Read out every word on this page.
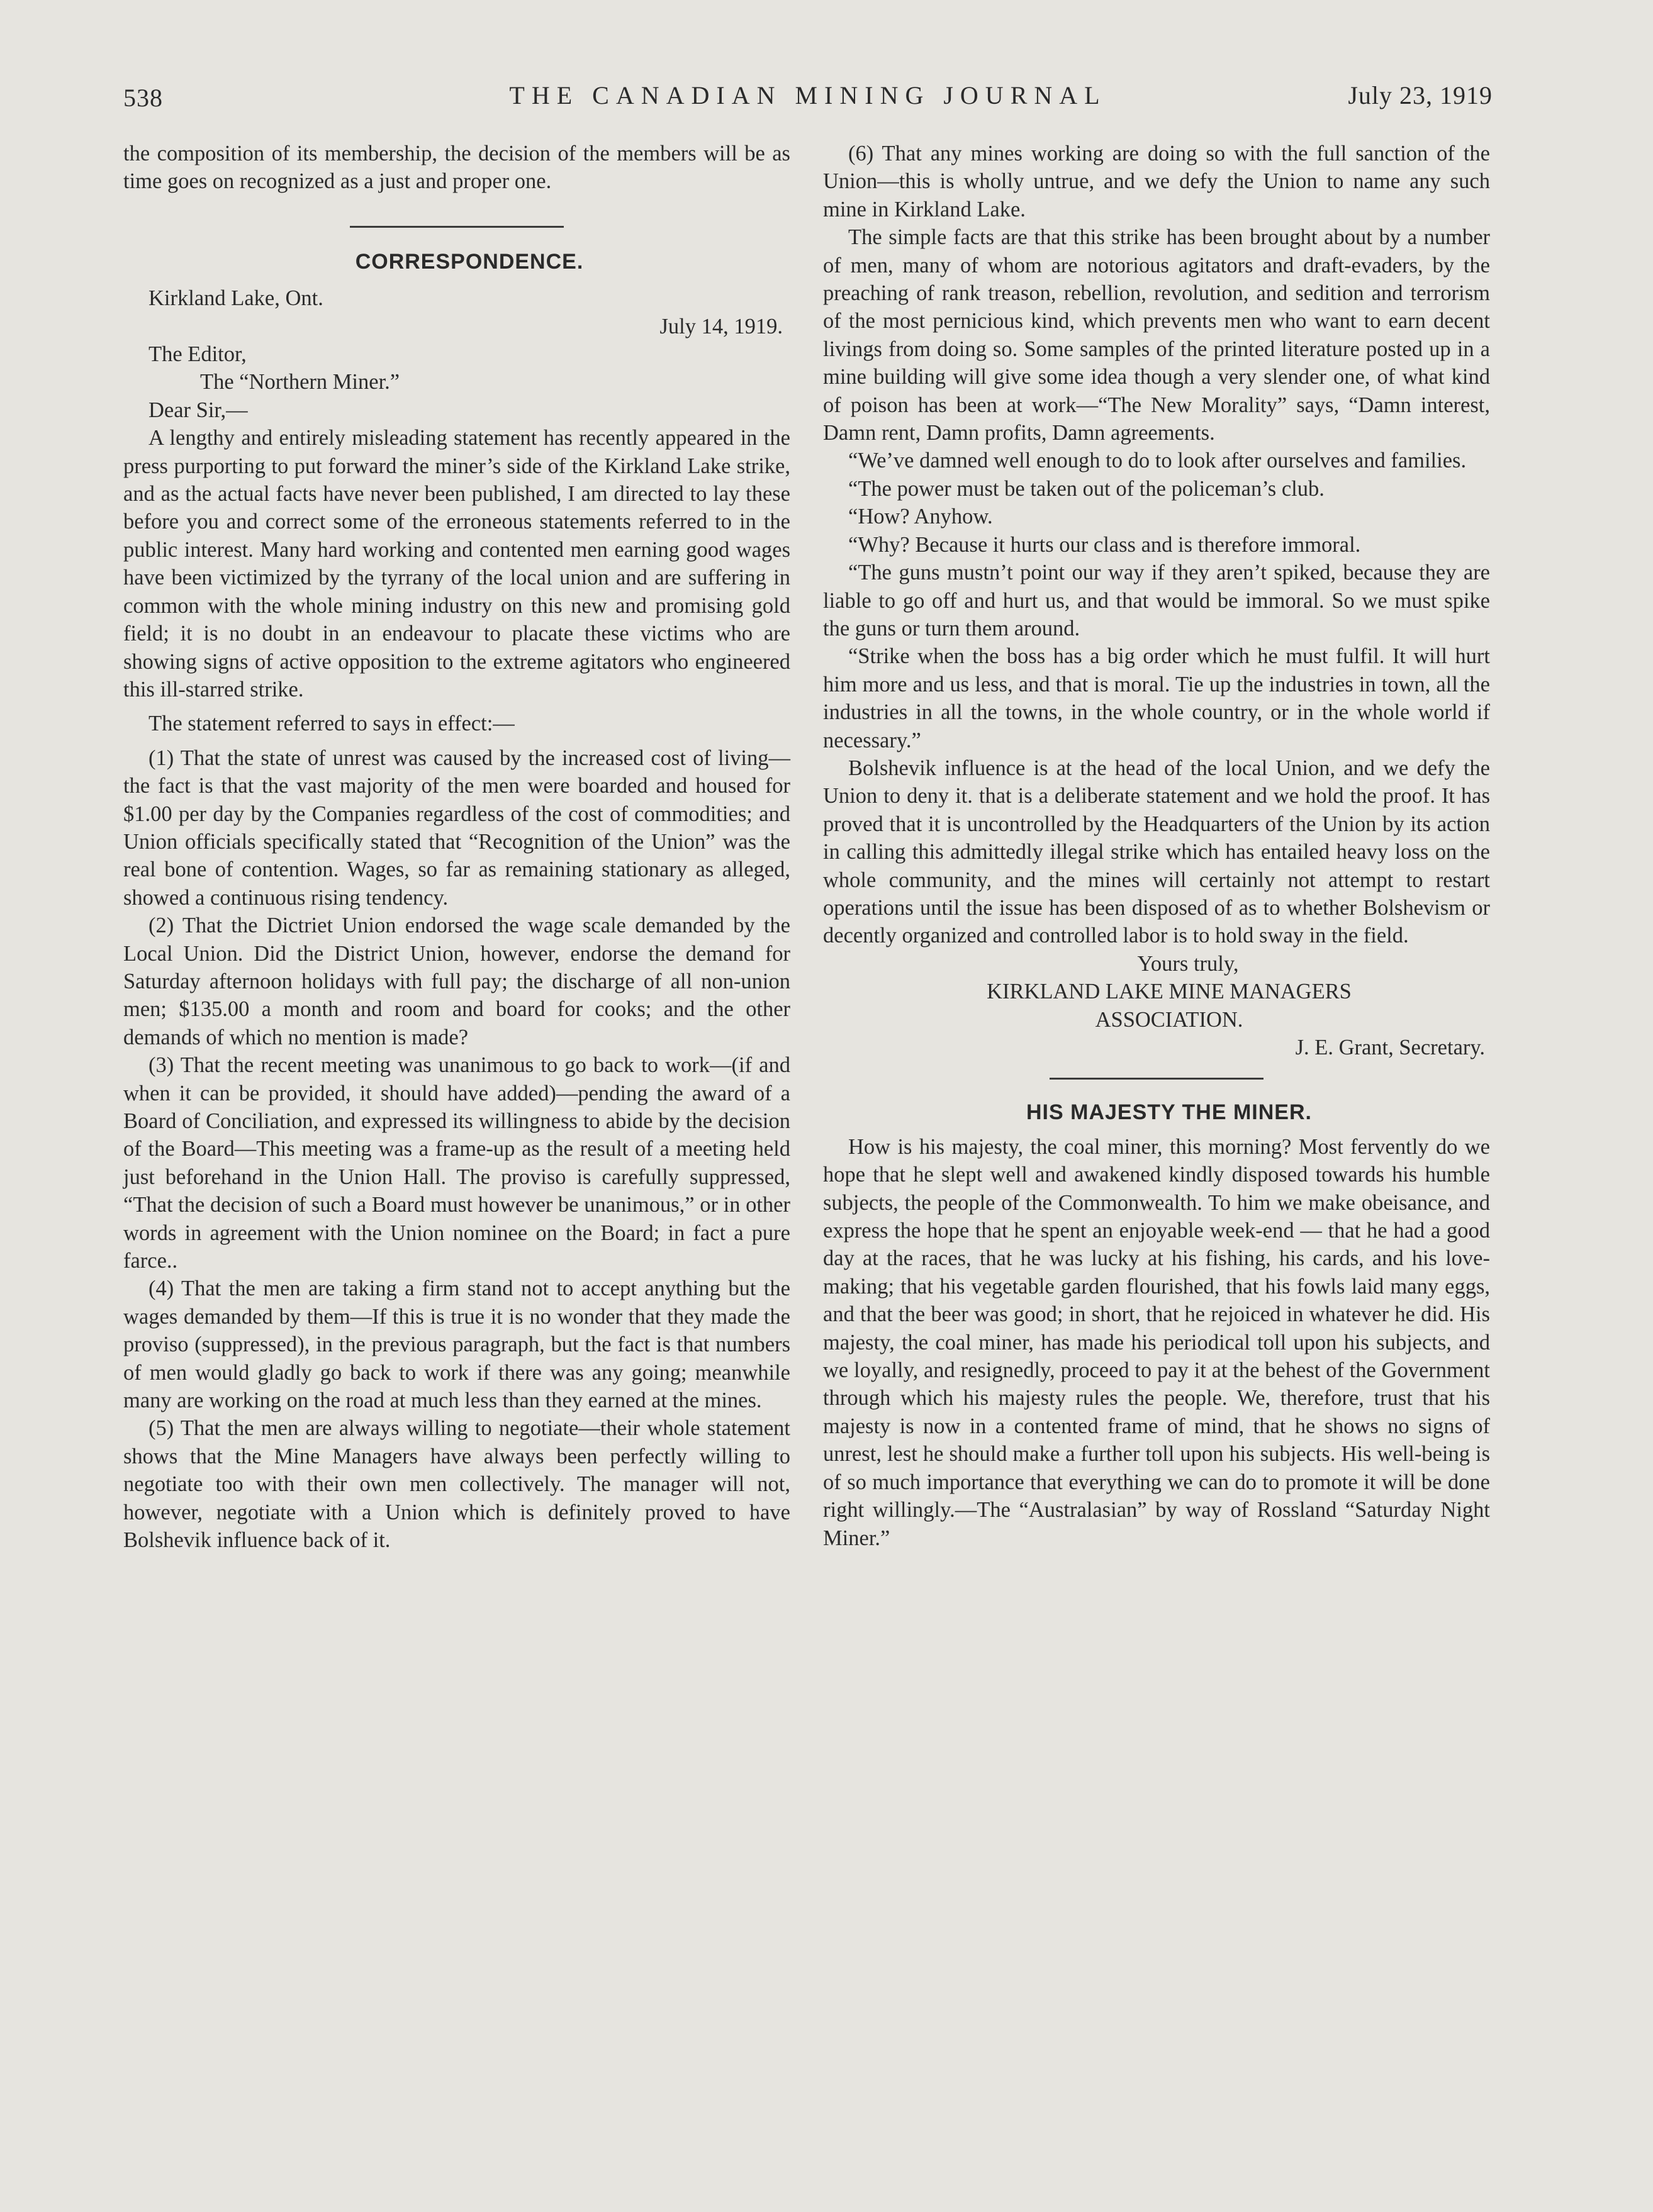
538	THE CANADIAN MINING JOURNAL	July 23, 1919

the composition of its membership, the decision of the members will be as time goes on recognized as a just and proper one.

CORRESPONDENCE.

Kirkland Lake, Ont.

July 14, 1919.

The Editor,

The “Northern Miner.”

Dear Sir,—

A lengthy and entirely misleading statement has recently appeared in the press purporting to put forward the miner’s side of the Kirkland Lake strike, and as the actual facts have never been published, I am directed to lay these before you and correct some of the erroneous statements referred to in the public interest. Many hard working and contented men earning good wages have been victimized by the tyrrany of the local union and are suffering in common with the whole mining industry on this new and promising gold field; it is no doubt in an endeavour to placate these victims who are showing signs of active opposition to the extreme agitators who engineered this ill-starred strike.

The statement referred to says in effect:—

(1) That the state of unrest was caused by the increased cost of living—the fact is that the vast majority of the men were boarded and housed for $1.00 per day by the Companies regardless of the cost of commodities; and Union officials specifically stated that “Recognition of the Union” was the real bone of contention. Wages, so far as remaining stationary as alleged, showed a continuous rising tendency.

(2) That the Dictriet Union endorsed the wage scale demanded by the Local Union. Did the District Union, however, endorse the demand for Saturday afternoon holidays with full pay; the discharge of all non-union men; $135.00 a month and room and board for cooks; and the other demands of which no mention is made?

(3) That the recent meeting was unanimous to go back to work—(if and when it can be provided, it should have added)—pending the award of a Board of Conciliation, and expressed its willingness to abide by the decision of the Board—This meeting was a frame-up as the result of a meeting held just beforehand in the Union Hall. The proviso is carefully suppressed, “That the decision of such a Board must however be unanimous,” or in other words in agreement with the Union nominee on the Board; in fact a pure farce..

(4) That the men are taking a firm stand not to accept anything but the wages demanded by them—If this is true it is no wonder that they made the proviso (suppressed), in the previous paragraph, but the fact is that numbers of men would gladly go back to work if there was any going; meanwhile many are working on the road at much less than they earned at the mines.

(5) That the men are always willing to negotiate—their whole statement shows that the Mine Managers have always been perfectly willing to negotiate too with their own men collectively. The manager will not, however, negotiate with a Union which is definitely proved to have Bolshevik influence back of it.

(6) That any mines working are doing so with the full sanction of the Union—this is wholly untrue, and we defy the Union to name any such mine in Kirkland Lake.

The simple facts are that this strike has been brought about by a number of men, many of whom are notorious agitators and draft-evaders, by the preaching of rank treason, rebellion, revolution, and sedition and terrorism of the most pernicious kind, which prevents men who want to earn decent livings from doing so. Some samples of the printed literature posted up in a mine building will give some idea though a very slender one, of what kind of poison has been at work—“The New Morality” says, “Damn interest, Damn rent, Damn profits, Damn agreements.

“We’ve damned well enough to do to look after ourselves and families.

“The power must be taken out of the policeman’s club.

“How? Anyhow.

“Why? Because it hurts our class and is therefore immoral.

“The guns mustn’t point our way if they aren’t spiked, because they are liable to go off and hurt us, and that would be immoral. So we must spike the guns or turn them around.

“Strike when the boss has a big order which he must fulfil. It will hurt him more and us less, and that is moral. Tie up the industries in town, all the industries in all the towns, in the whole country, or in the whole world if necessary.”

Bolshevik influence is at the head of the local Union, and we defy the Union to deny it. that is a deliberate statement and we hold the proof. It has proved that it is uncontrolled by the Headquarters of the Union by its action in calling this admittedly illegal strike which has entailed heavy loss on the whole community, and the mines will certainly not attempt to restart operations until the issue has been disposed of as to whether Bolshevism or decently organized and controlled labor is to hold sway in the field.

Yours truly,

KIRKLAND LAKE MINE MANAGERS

ASSOCIATION.

J. E. Grant, Secretary.

HIS MAJESTY THE MINER.

How is his majesty, the coal miner, this morning? Most fervently do we hope that he slept well and awakened kindly disposed towards his humble subjects, the people of the Commonwealth. To him we make obeisance, and express the hope that he spent an enjoyable week-end — that he had a good day at the races, that he was lucky at his fishing, his cards, and his love-making; that his vegetable garden flourished, that his fowls laid many eggs, and that the beer was good; in short, that he rejoiced in whatever he did. His majesty, the coal miner, has made his periodical toll upon his subjects, and we loyally, and resignedly, proceed to pay it at the behest of the Government through which his majesty rules the people. We, therefore, trust that his majesty is now in a contented frame of mind, that he shows no signs of unrest, lest he should make a further toll upon his subjects. His well-being is of so much importance that everything we can do to promote it will be done right willingly.—The “Australasian” by way of Rossland “Saturday Night Miner.”
